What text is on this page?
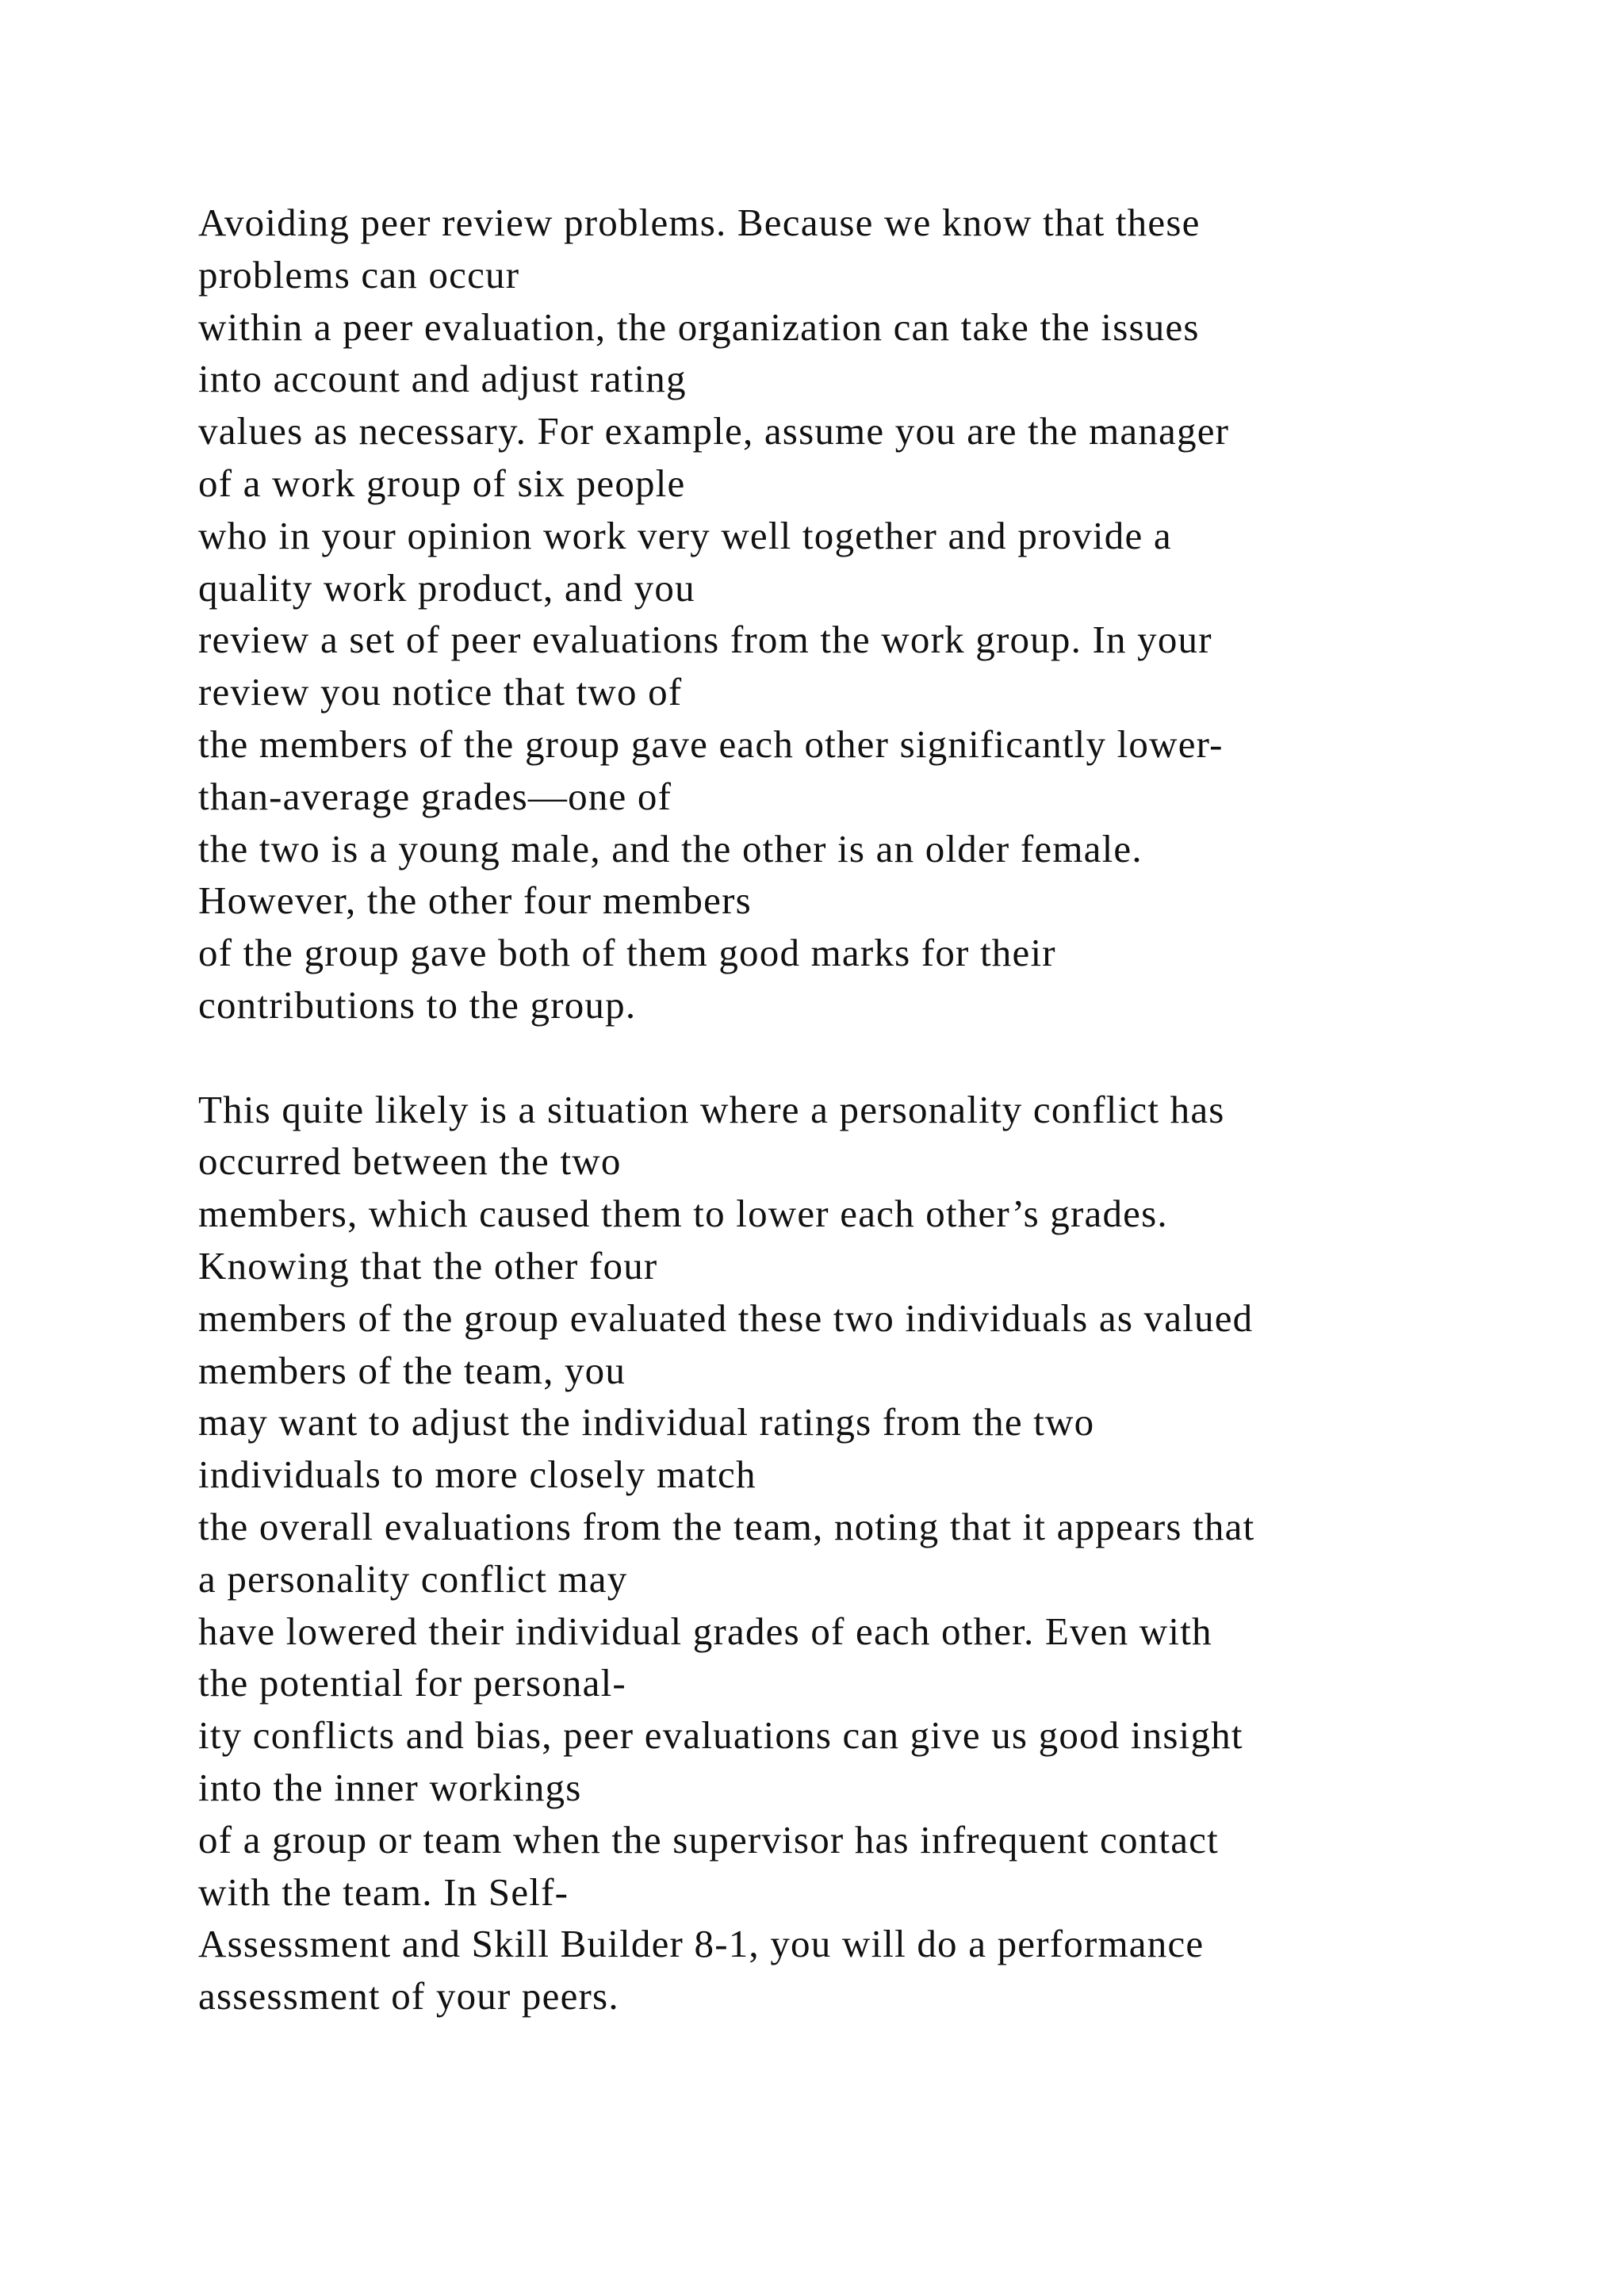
Avoiding peer review problems. Because we know that these
problems can occur
within a peer evaluation, the organization can take the issues
into account and adjust rating
values as necessary. For example, assume you are the manager
of a work group of six people
who in your opinion work very well together and provide a
quality work product, and you
review a set of peer evaluations from the work group. In your
review you notice that two of
the members of the group gave each other significantly lower-
than-average grades—one of
the two is a young male, and the other is an older female.
However, the other four members
of the group gave both of them good marks for their
contributions to the group.

This quite likely is a situation where a personality conflict has
occurred between the two
members, which caused them to lower each other’s grades.
Knowing that the other four
members of the group evaluated these two individuals as valued
members of the team, you
may want to adjust the individual ratings from the two
individuals to more closely match
the overall evaluations from the team, noting that it appears that
a personality conflict may
have lowered their individual grades of each other. Even with
the potential for personal-
ity conflicts and bias, peer evaluations can give us good insight
into the inner workings
of a group or team when the supervisor has infrequent contact
with the team. In Self-
Assessment and Skill Builder 8-1, you will do a performance
assessment of your peers.
